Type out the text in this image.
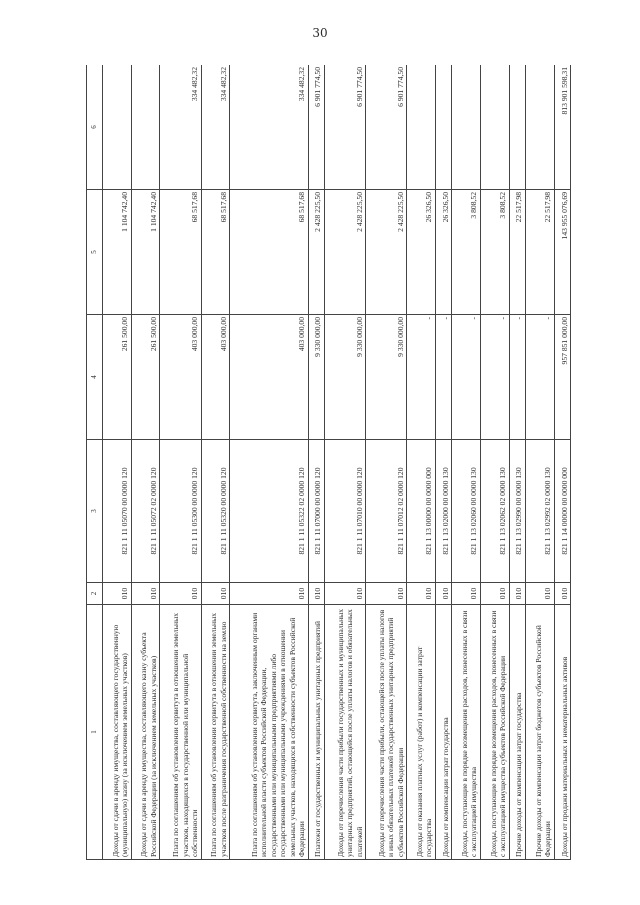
30
1	2	3	4	5	6
Доходы от сдачи в аренду имущества, составляющего государственную (муниципальную) казну (за исключением земельных участков)	010	821 1 11 05070 00 0000 120	261 500,00	1 104 742,40	
Доходы от сдачи в аренду имущества, составляющего казну субъекта Российской Федерации (за исключением земельных участков)	010	821 1 11 05072 02 0000 120	261 500,00	1 104 742,40	
Плата по соглашениям об установлении сервитута в отношении земельных участков, находящихся в государственной или муниципальной собственности	010	821 1 11 05300 00 0000 120	403 000,00	68 517,68	334 482,32
Плата по соглашениям об установлении сервитута в отношении земельных участков после разграничения государственной собственности на землю	010	821 1 11 05320 00 0000 120	403 000,00	68 517,68	334 482,32
Плата по соглашениям об установлении сервитута, заключенным органами исполнительной власти субъектов Российской Федерации, государственными или муниципальными предприятиями либо государственными или муниципальными учреждениями в отношении земельных участков, находящихся в собственности субъектов Российской Федерации	010	821 1 11 05322 02 0000 120	403 000,00	68 517,68	334 482,32
Платежи от государственных и муниципальных унитарных предприятий	010	821 1 11 07000 00 0000 120	9 330 000,00	2 428 225,50	6 901 774,50
Доходы от перечисления части прибыли государственных и муниципальных унитарных предприятий, остающейся после уплаты налогов и обязательных платежей	010	821 1 11 07010 00 0000 120	9 330 000,00	2 428 225,50	6 901 774,50
Доходы от перечисления части прибыли, остающейся после уплаты налогов и иных обязательных платежей государственных унитарных предприятий субъектов Российской Федерации	010	821 1 11 07012 02 0000 120	9 330 000,00	2 428 225,50	6 901 774,50
Доходы от оказания платных услуг (работ) и компенсации затрат государства	010	821 1 13 00000 00 0000 000	-	26 326,50	
Доходы от компенсации затрат государства	010	821 1 13 02000 00 0000 130	-	26 326,50	
Доходы, поступающие в порядке возмещения расходов, понесенных в связи с эксплуатацией имущества	010	821 1 13 02060 00 0000 130	-	3 808,52	
Доходы, поступающие в порядке возмещения расходов, понесенных в связи с эксплуатацией имущества субъектов Российской Федерации	010	821 1 13 02062 02 0000 130	-	3 808,52	
Прочие доходы от компенсации затрат государства	010	821 1 13 02990 00 0000 130	-	22 517,98	
Прочие доходы от компенсации затрат бюджетов субъектов Российской Федерации	010	821 1 13 02992 02 0000 130	-	22 517,98	
Доходы от продажи материальных и нематериальных активов	010	821 1 14 00000 00 0000 000	957 851 000,00	143 955 076,69	813 901 598,31
